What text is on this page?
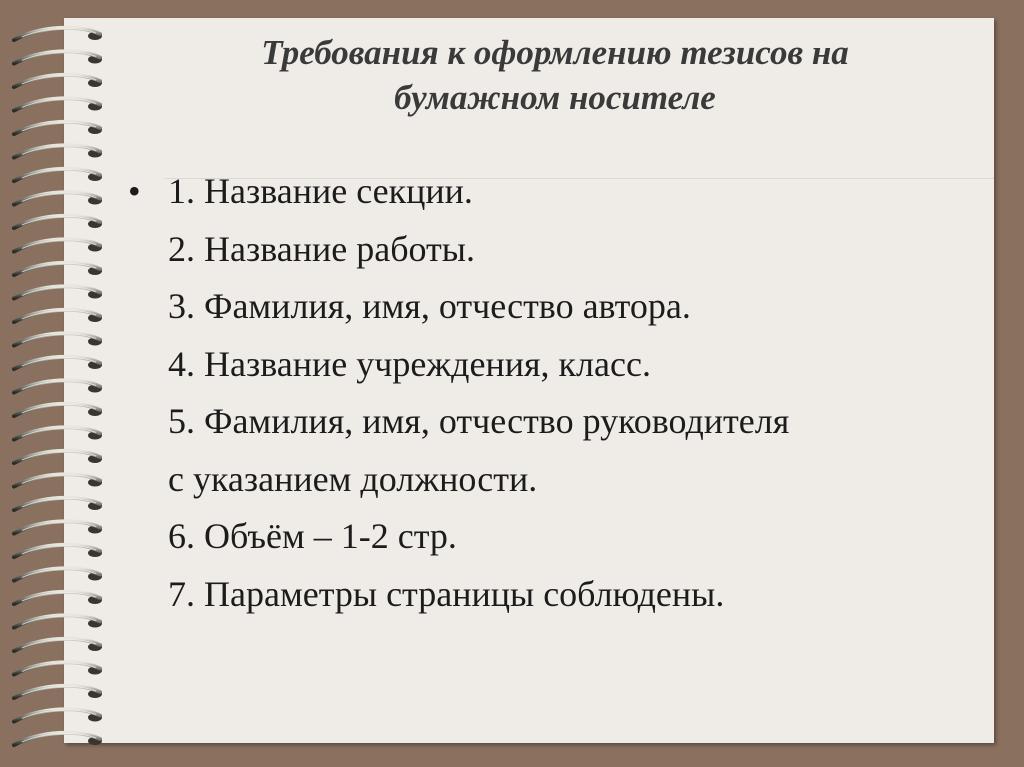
Требования к оформлению тезисов на
бумажном носителе
• 1. Название секции.
2. Название работы.
3. Фамилия, имя, отчество автора.
4. Название учреждения, класс.
5. Фамилия, имя, отчество руководителя
с указанием должности.
6. Объём – 1-2 стр.
7. Параметры страницы соблюдены.
